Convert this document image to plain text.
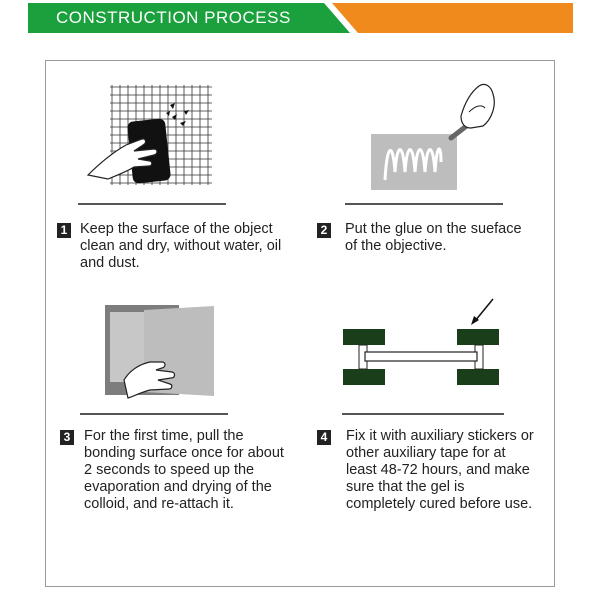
CONSTRUCTION PROCESS
1 Keep the surface of the object clean and dry, without water, oil and dust.
2 Put the glue on the sueface of the objective.
3 For the first time, pull the bonding surface once for about 2 seconds to speed up the evaporation and drying of the colloid, and re-attach it.
4 Fix it with auxiliary stickers or other auxiliary tape for at least 48-72 hours, and make sure that the gel is completely cured before use.
